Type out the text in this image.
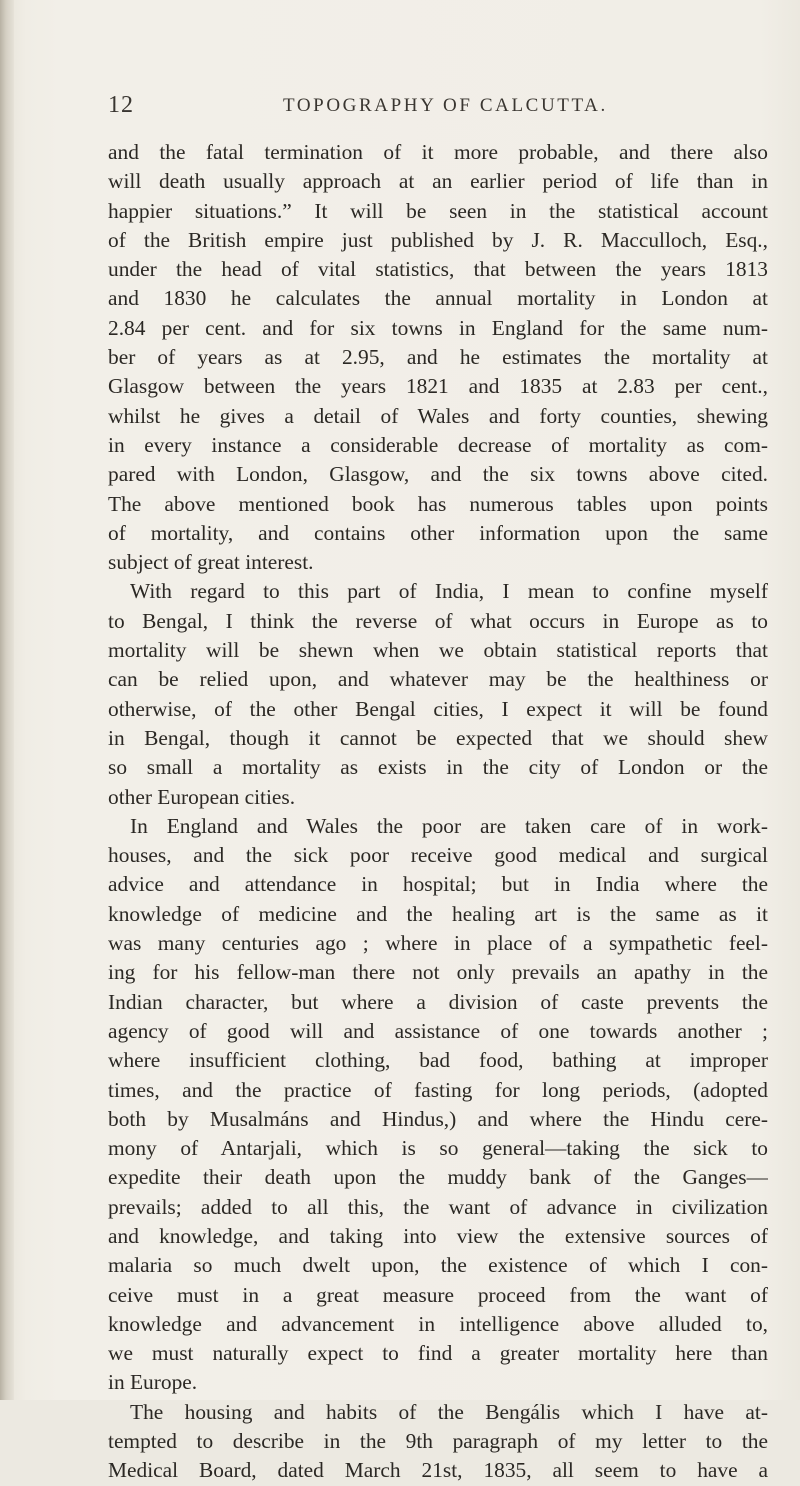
12	TOPOGRAPHY OF CALCUTTA.
and the fatal termination of it more probable, and there also
will death usually approach at an earlier period of life than in
happier situations.” It will be seen in the statistical account
of the British empire just published by J. R. Macculloch, Esq.,
under the head of vital statistics, that between the years 1813
and 1830 he calculates the annual mortality in London at
2.84 per cent. and for six towns in England for the same num-
ber of years as at 2.95, and he estimates the mortality at
Glasgow between the years 1821 and 1835 at 2.83 per cent.,
whilst he gives a detail of Wales and forty counties, shewing
in every instance a considerable decrease of mortality as com-
pared with London, Glasgow, and the six towns above cited.
The above mentioned book has numerous tables upon points
of mortality, and contains other information upon the same
subject of great interest.
With regard to this part of India, I mean to confine myself
to Bengal, I think the reverse of what occurs in Europe as to
mortality will be shewn when we obtain statistical reports that
can be relied upon, and whatever may be the healthiness or
otherwise, of the other Bengal cities, I expect it will be found
in Bengal, though it cannot be expected that we should shew
so small a mortality as exists in the city of London or the
other European cities.
In England and Wales the poor are taken care of in work-
houses, and the sick poor receive good medical and surgical
advice and attendance in hospital; but in India where the
knowledge of medicine and the healing art is the same as it
was many centuries ago ; where in place of a sympathetic feel-
ing for his fellow-man there not only prevails an apathy in the
Indian character, but where a division of caste prevents the
agency of good will and assistance of one towards another ;
where insufficient clothing, bad food, bathing at improper
times, and the practice of fasting for long periods, (adopted
both by Musalmáns and Hindus,) and where the Hindu cere-
mony of Antarjali, which is so general—taking the sick to
expedite their death upon the muddy bank of the Ganges—
prevails; added to all this, the want of advance in civilization
and knowledge, and taking into view the extensive sources of
malaria so much dwelt upon, the existence of which I con-
ceive must in a great measure proceed from the want of
knowledge and advancement in intelligence above alluded to,
we must naturally expect to find a greater mortality here than
in Europe.
The housing and habits of the Bengális which I have at-
tempted to describe in the 9th paragraph of my letter to the
Medical Board, dated March 21st, 1835, all seem to have a
